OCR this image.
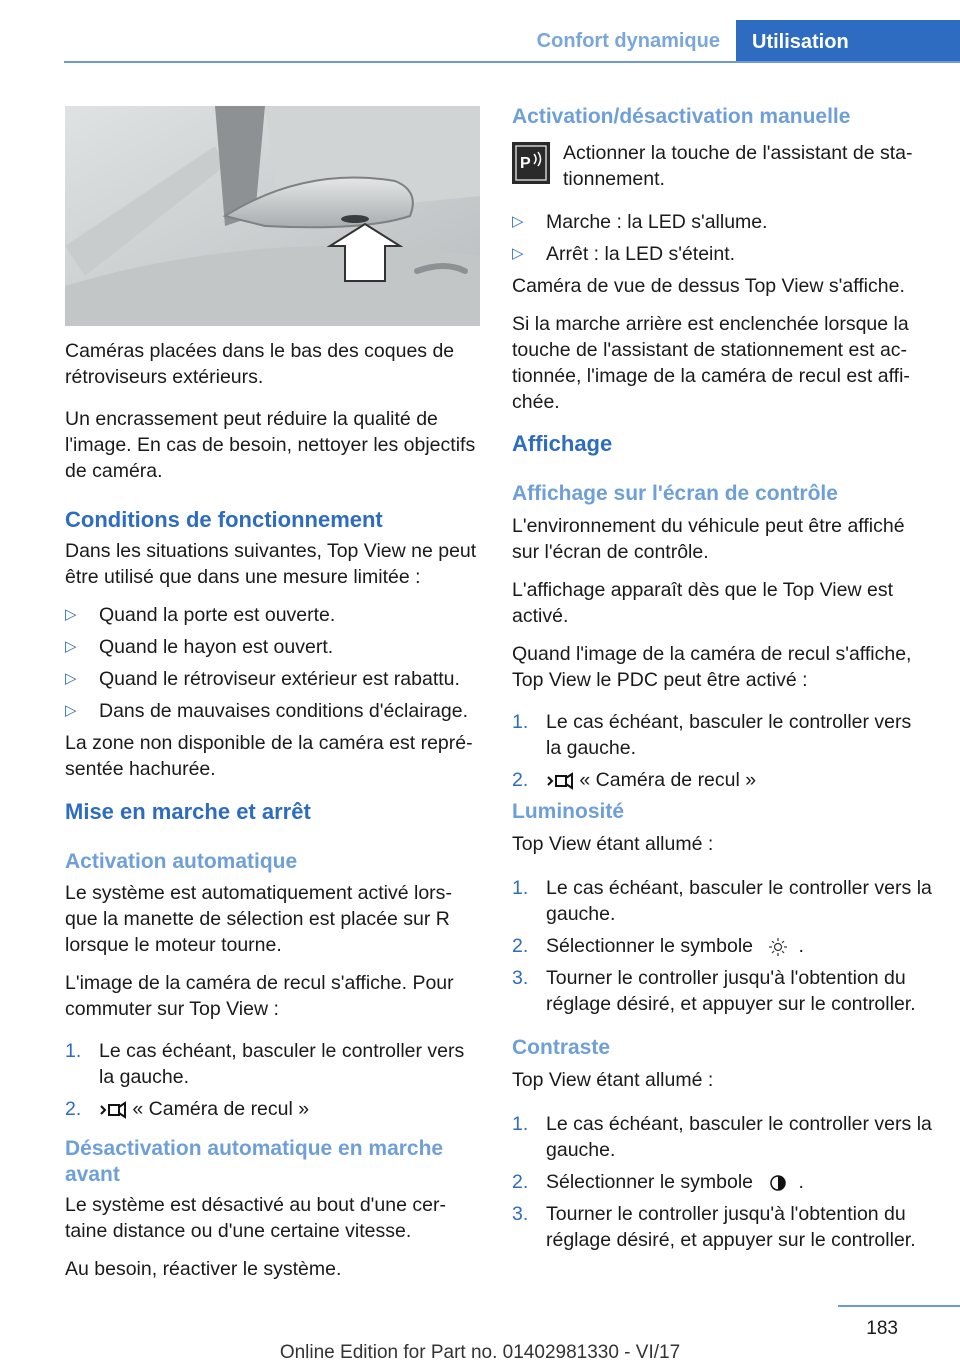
Confort dynamique	Utilisation

Caméras placées dans le bas des coques de rétroviseurs extérieurs.

Un encrassement peut réduire la qualité de l'image. En cas de besoin, nettoyer les objectifs de caméra.

Conditions de fonctionnement

Dans les situations suivantes, Top View ne peut être utilisé que dans une mesure limitée :

▷ Quand la porte est ouverte.
▷ Quand le hayon est ouvert.
▷ Quand le rétroviseur extérieur est rabattu.
▷ Dans de mauvaises conditions d'éclairage.

La zone non disponible de la caméra est représentée hachurée.

Mise en marche et arrêt
Activation automatique

Le système est automatiquement activé lorsque la manette de sélection est placée sur R lorsque le moteur tourne.

L'image de la caméra de recul s'affiche. Pour commuter sur Top View :

1. Le cas échéant, basculer le controller vers la gauche.
2.	« Caméra de recul »
Désactivation automatique en marche avant

Le système est désactivé au bout d'une certaine distance ou d'une certaine vitesse.

Au besoin, réactiver le système.

Activation/désactivation manuelle
P Actionner la touche de l'assistant de stationnement.

▷ Marche : la LED s'allume.
▷ Arrêt : la LED s'éteint.

Caméra de vue de dessus Top View s'affiche.

Si la marche arrière est enclenchée lorsque la touche de l'assistant de stationnement est actionnée, l'image de la caméra de recul est affichée.

Affichage
Affichage sur l'écran de contrôle

L'environnement du véhicule peut être affiché sur l'écran de contrôle.

L'affichage apparaît dès que le Top View est activé.

Quand l'image de la caméra de recul s'affiche, Top View le PDC peut être activé :

1. Le cas échéant, basculer le controller vers la gauche.
2.	« Caméra de recul »
Luminosité

Top View étant allumé :

1. Le cas échéant, basculer le controller vers la gauche.
2. Sélectionner le symbole .
3. Tourner le controller jusqu'à l'obtention du réglage désiré, et appuyer sur le controller.
Contraste

Top View étant allumé :

1. Le cas échéant, basculer le controller vers la gauche.
2. Sélectionner le symbole .
3. Tourner le controller jusqu'à l'obtention du réglage désiré, et appuyer sur le controller.
183
Online Edition for Part no. 01402981330 - VI/17
